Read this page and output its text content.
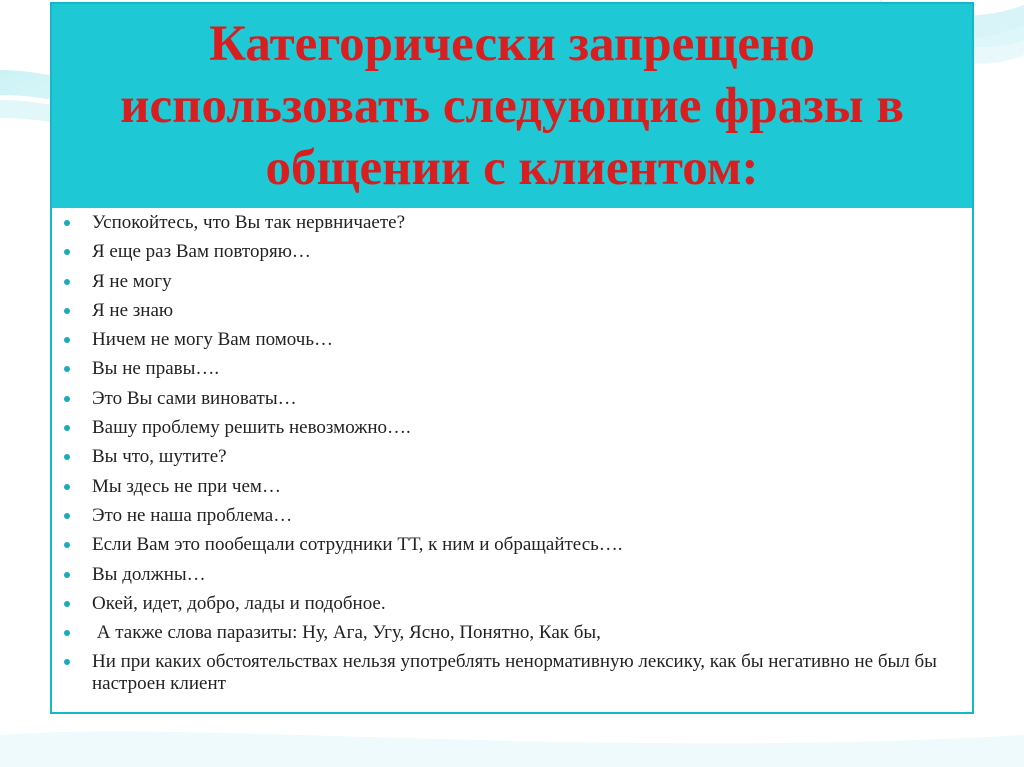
Категорически запрещено использовать следующие фразы в общении с клиентом:
Успокойтесь, что Вы так нервничаете?
Я еще раз Вам повторяю…
Я не могу
Я не знаю
Ничем не могу Вам помочь…
Вы не правы….
Это Вы сами виноваты…
Вашу проблему решить невозможно….
Вы что, шутите?
Мы здесь не при чем…
Это не наша проблема…
Если Вам это пообещали сотрудники ТТ, к ним и обращайтесь….
Вы должны…
Окей, идет, добро, лады и подобное.
А также слова паразиты: Ну, Ага, Угу, Ясно, Понятно, Как бы,
Ни при каких обстоятельствах нельзя употреблять ненормативную лексику, как бы негативно не был бы настроен клиент
